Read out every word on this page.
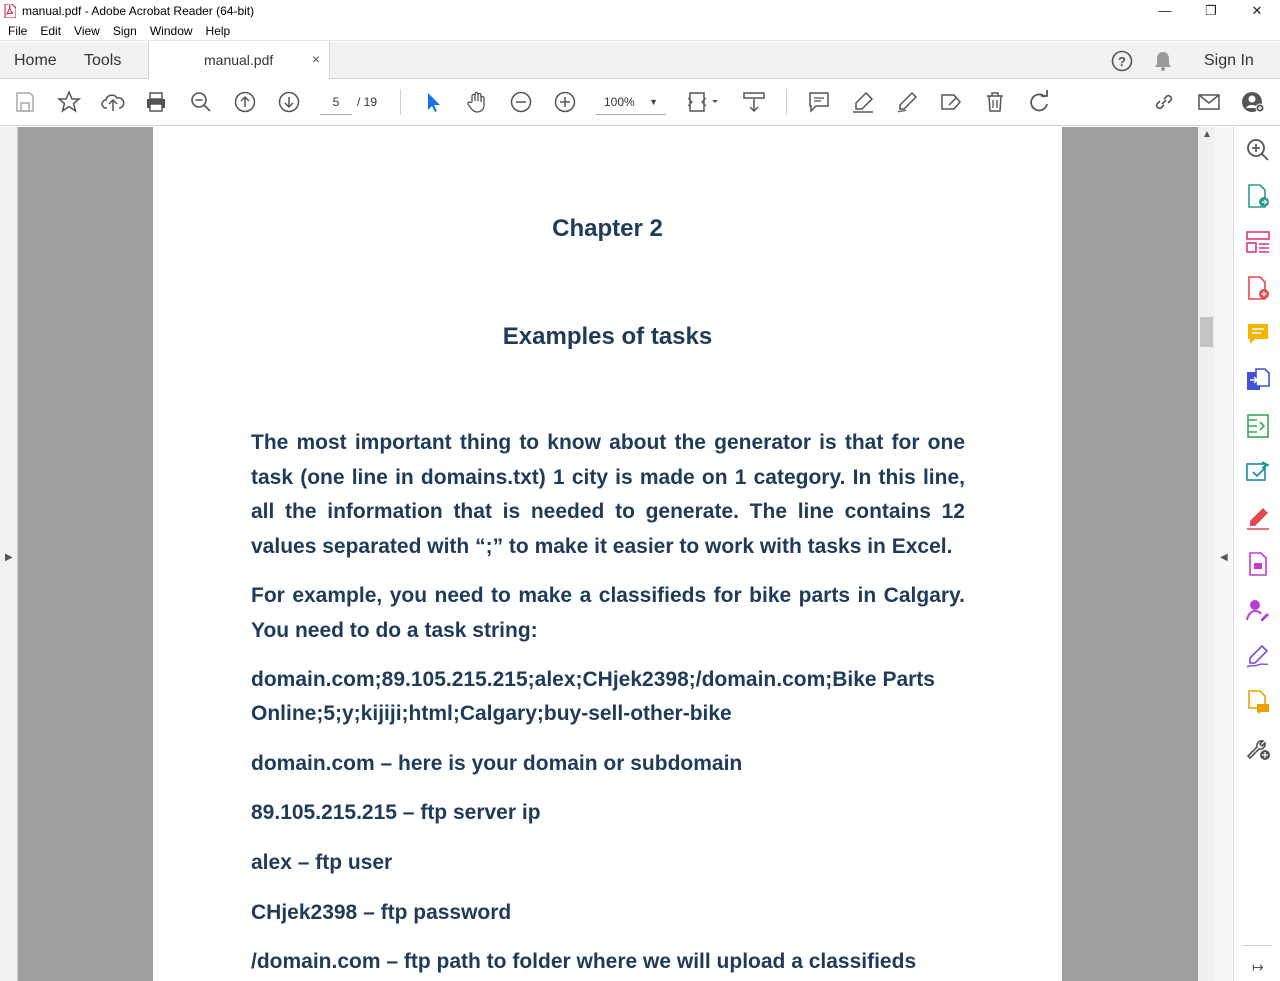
manual.pdf - Adobe Acrobat Reader (64-bit)	—	❐	✕
File Edit View Sign Window Help
Home Tools	manual.pdf	×	?	Sign In
5	/ 19	100% ▼
▶
Chapter 2
Examples of tasks
The most important thing to know about the generator is that for one task (one line in domains.txt) 1 city is made on 1 category. In this line, all the information that is needed to generate. The line contains 12 values separated with “;” to make it easier to work with tasks in Excel.
For example, you need to make a classifieds for bike parts in Calgary. You need to do a task string:
domain.com;89.105.215.215;alex;CHjek2398;/domain.com;Bike Parts
Online;5;y;kijiji;html;Calgary;buy-sell-other-bike
domain.com – here is your domain or subdomain
89.105.215.215 – ftp server ip
alex – ftp user
CHjek2398 – ftp password
/domain.com – ftp path to folder where we will upload a classifieds
▲
◀
↦
